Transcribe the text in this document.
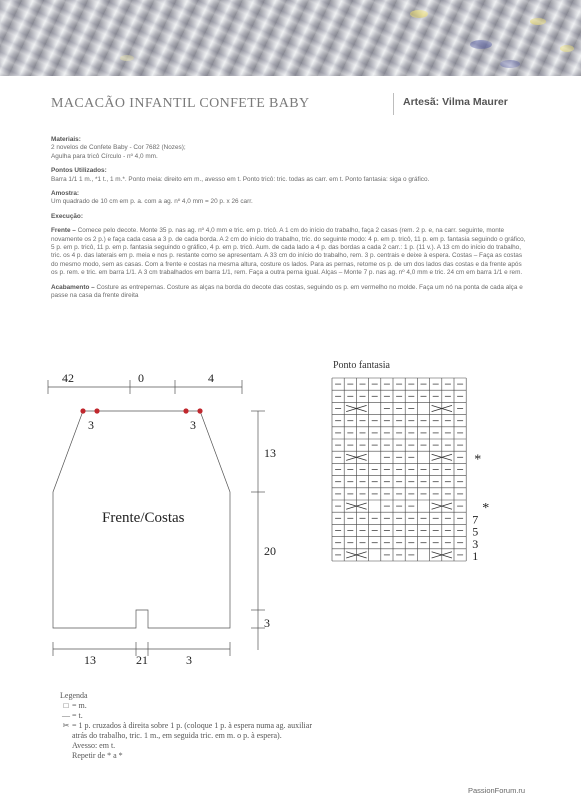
MACACÃO INFANTIL CONFETE BABY	Artesã: Vilma Maurer

Materiais:
2 novelos de Confete Baby - Cor 7682 (Nozes);
Agulha para tricô Círculo - nº 4,0 mm.

Pontos Utilizados:
Barra 1/1 1 m., *1 t., 1 m.*. Ponto meia: direito em m., avesso em t. Ponto tricô: tric. todas as carr. em t. Ponto fantasia: siga o gráfico.

Amostra:
Um quadrado de 10 cm em p. a. com a ag. nº 4,0 mm = 20 p. x 26 carr.

Execução:

Frente – Comece pelo decote. Monte 35 p. nas ag. nº 4,0 mm e tric. em p. tricô. A 1 cm do início do trabalho, faça 2 casas (rem. 2 p. e, na carr. seguinte, monte novamente os 2 p.) e faça cada casa a 3 p. de cada borda. A 2 cm do início do trabalho, tric. do seguinte modo: 4 p. em p. tricô, 11 p. em p. fantasia seguindo o gráfico, 5 p. em p. tricô, 11 p. em p. fantasia seguindo o gráfico, 4 p. em p. tricô. Aum. de cada lado a 4 p. das bordas a cada 2 carr.: 1 p. (11 v.). A 13 cm do início do trabalho, tric. os 4 p. das laterais em p. meia e nos p. restante como se apresentam. A 33 cm do início do trabalho, rem. 3 p. centrais e deixe à espera. Costas – Faça as costas do mesmo modo, sem as casas. Com a frente e costas na mesma altura, costure os lados. Para as pernas, retome os p. de um dos lados das costas e da frente após os p. rem. e tric. em barra 1/1. A 3 cm trabalhados em barra 1/1, rem. Faça a outra perna igual. Alças – Monte 7 p. nas ag. nº 4,0 mm e tric. 24 cm em barra 1/1 e rem.

Acabamento – Costure as entrepernas. Costure as alças na borda do decote das costas, seguindo os p. em vermelho no molde. Faça um nó na ponta de cada alça e passe na casa da frente direita

42	0	4
3	3
13
20
3
13	21	3
Frente/Costas
Ponto fantasia
7
5
3
1
*
*
Legenda
□ = m.
— = t.
✂ = 1 p. cruzados à direita sobre 1 p. (coloque 1 p. à espera numa ag. auxiliar
atrás do trabalho, tric. 1 m., em seguida tric. em m. o p. à espera).
Avesso: em t.
Repetir de * a *
PassionForum.ru
